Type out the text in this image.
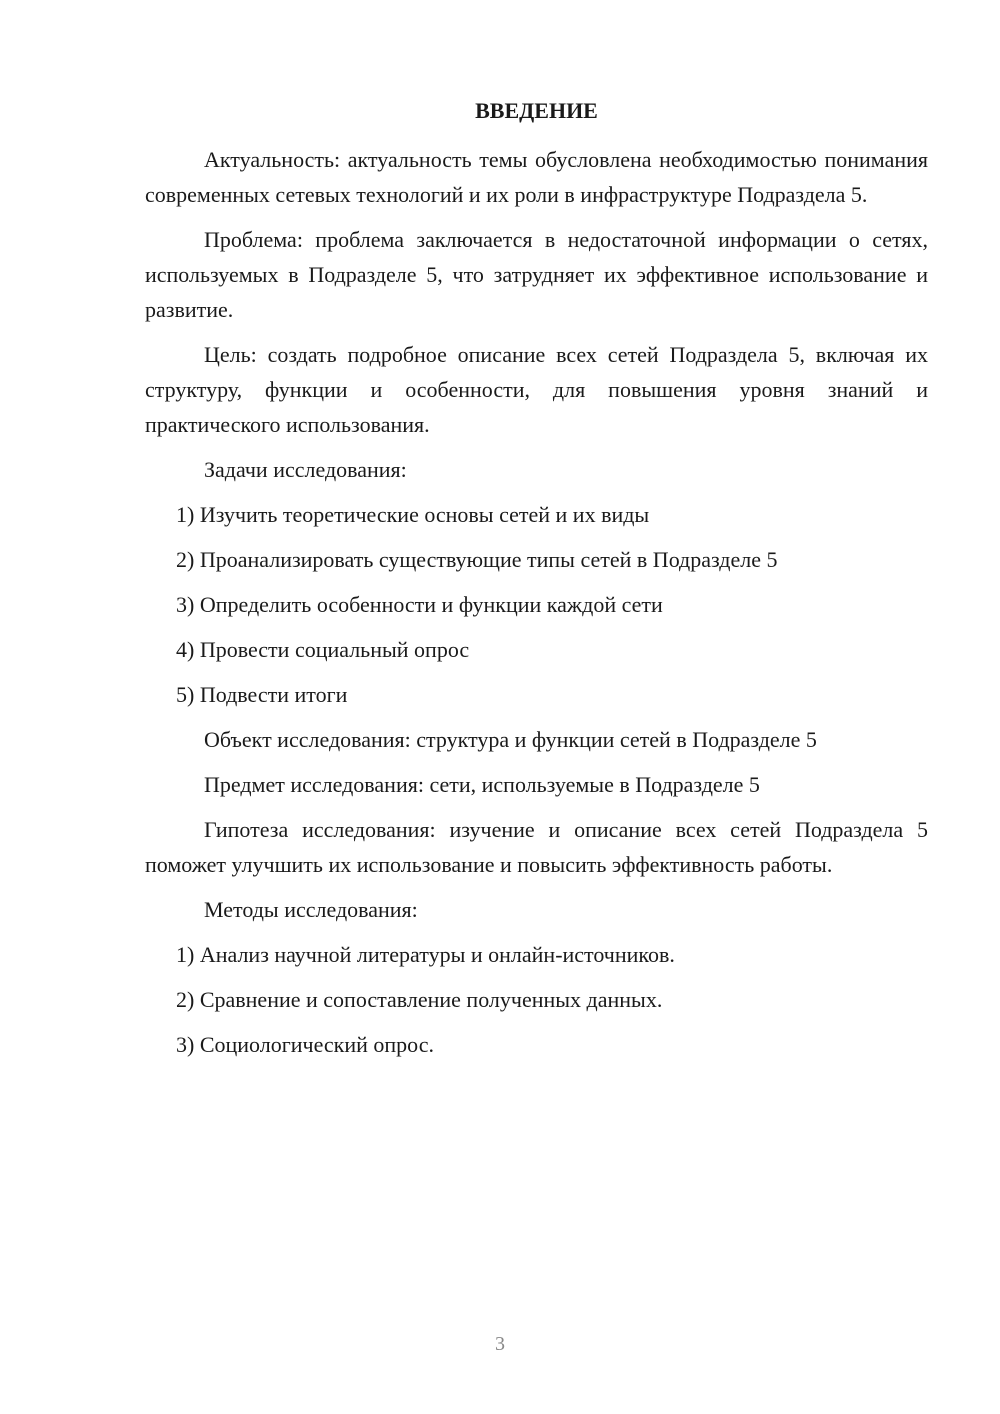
ВВЕДЕНИЕ

Актуальность: актуальность темы обусловлена необходимостью понимания современных сетевых технологий и их роли в инфраструктуре Подраздела 5.

Проблема: проблема заключается в недостаточной информации о сетях, используемых в Подразделе 5, что затрудняет их эффективное использование и развитие.

Цель: создать подробное описание всех сетей Подраздела 5, включая их структуру, функции и особенности, для повышения уровня знаний и практического использования.

Задачи исследования:

1) Изучить теоретические основы сетей и их виды

2) Проанализировать существующие типы сетей в Подразделе 5

3) Определить особенности и функции каждой сети

4) Провести социальный опрос

5) Подвести итоги

Объект исследования: структура и функции сетей в Подразделе 5

Предмет исследования: сети, используемые в Подразделе 5

Гипотеза исследования: изучение и описание всех сетей Подраздела 5 поможет улучшить их использование и повысить эффективность работы.

Методы исследования:

1) Анализ научной литературы и онлайн-источников.

2) Сравнение и сопоставление полученных данных.

3) Социологический опрос.

3
